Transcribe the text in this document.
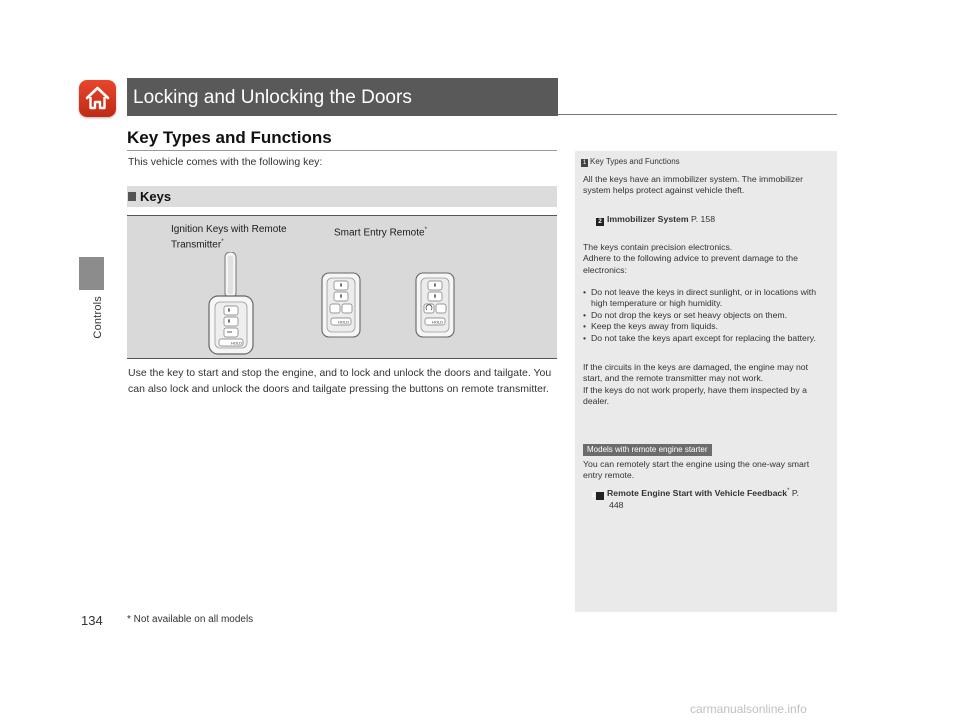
Controls
Locking and Unlocking the Doors
Key Types and Functions
This vehicle comes with the following key:
Keys
Ignition Keys with Remote
Transmitter*
Smart Entry Remote*
HOLD
HOLD	HOLD
Use the key to start and stop the engine, and to lock and unlock the doors and tailgate. You can also lock and unlock the doors and tailgate pressing the buttons on remote transmitter.
134 * Not available on all models
1 Key Types and Functions
All the keys have an immobilizer system. The immobilizer system helps protect against vehicle theft.
2 Immobilizer System P. 158
The keys contain precision electronics.
Adhere to the following advice to prevent damage to the electronics:
• Do not leave the keys in direct sunlight, or in locations with high temperature or high humidity.
• Do not drop the keys or set heavy objects on them.
• Keep the keys away from liquids.
• Do not take the keys apart except for replacing the battery.
If the circuits in the keys are damaged, the engine may not start, and the remote transmitter may not work.
If the keys do not work properly, have them inspected by a dealer.
Models with remote engine starter
You can remotely start the engine using the one-way smart entry remote.
2 Remote Engine Start with Vehicle Feedback* P. 448
carmanualsonline.info
